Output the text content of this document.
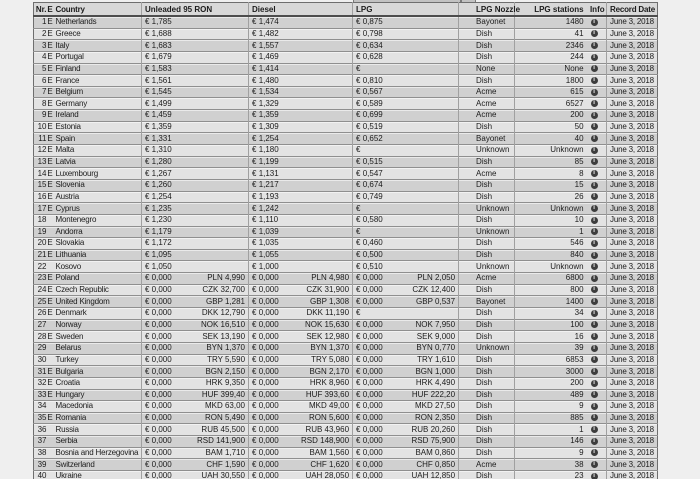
Nr.	E	Country	Unleaded 95 RON		Diesel		LPG		LPG Nozzle	LPG stations	Info	Record Date
1	E	Netherlands	€ 1,785		€ 1,474		€ 0,875		Bayonet	1480	i	June 3, 2018
2	E	Greece	€ 1,688		€ 1,482		€ 0,798		Dish	41	i	June 3, 2018
3	E	Italy	€ 1,683		€ 1,557		€ 0,634		Dish	2346	i	June 3, 2018
4	E	Portugal	€ 1,679		€ 1,469		€ 0,628		Dish	244	i	June 3, 2018
5	E	Finland	€ 1,583		€ 1,414		€		None	None	i	June 3, 2018
6	E	France	€ 1,561		€ 1,480		€ 0,810		Dish	1800	i	June 3, 2018
7	E	Belgium	€ 1,545		€ 1,534		€ 0,567		Acme	615	i	June 3, 2018
8	E	Germany	€ 1,499		€ 1,329		€ 0,589		Acme	6527	i	June 3, 2018
9	E	Ireland	€ 1,459		€ 1,359		€ 0,699		Acme	200	i	June 3, 2018
10	E	Estonia	€ 1,359		€ 1,309		€ 0,519		Dish	50	i	June 3, 2018
11	E	Spain	€ 1,331		€ 1,254		€ 0,652		Bayonet	40	i	June 3, 2018
12	E	Malta	€ 1,310		€ 1,180		€		Unknown	Unknown	i	June 3, 2018
13	E	Latvia	€ 1,280		€ 1,199		€ 0,515		Dish	85	i	June 3, 2018
14	E	Luxembourg	€ 1,267		€ 1,131		€ 0,547		Acme	8	i	June 3, 2018
15	E	Slovenia	€ 1,260		€ 1,217		€ 0,674		Dish	15	i	June 3, 2018
16	E	Austria	€ 1,254		€ 1,193		€ 0,749		Dish	26	i	June 3, 2018
17	E	Cyprus	€ 1,235		€ 1,242		€		Unknown	Unknown	i	June 3, 2018
18		Montenegro	€ 1,230		€ 1,110		€ 0,580		Dish	10	i	June 3, 2018
19		Andorra	€ 1,179		€ 1,039		€		Unknown	1	i	June 3, 2018
20	E	Slovakia	€ 1,172		€ 1,035		€ 0,460		Dish	546	i	June 3, 2018
21	E	Lithuania	€ 1,095		€ 1,055		€ 0,500		Dish	840	i	June 3, 2018
22		Kosovo	€ 1,050		€ 1,000		€ 0,510		Unknown	Unknown	i	June 3, 2018
23	E	Poland	€ 0,000	PLN 4,990	€ 0,000	PLN 4,980	€ 0,000	PLN 2,050	Acme	6800	i	June 3, 2018
24	E	Czech Republic	€ 0,000	CZK 32,700	€ 0,000	CZK 31,900	€ 0,000	CZK 12,400	Dish	800	i	June 3, 2018
25	E	United Kingdom	€ 0,000	GBP 1,281	€ 0,000	GBP 1,308	€ 0,000	GBP 0,537	Bayonet	1400	i	June 3, 2018
26	E	Denmark	€ 0,000	DKK 12,790	€ 0,000	DKK 11,190	€		Dish	34	i	June 3, 2018
27		Norway	€ 0,000	NOK 16,510	€ 0,000	NOK 15,630	€ 0,000	NOK 7,950	Dish	100	i	June 3, 2018
28	E	Sweden	€ 0,000	SEK 13,190	€ 0,000	SEK 12,980	€ 0,000	SEK 9,000	Dish	16	i	June 3, 2018
29		Belarus	€ 0,000	BYN 1,370	€ 0,000	BYN 1,370	€ 0,000	BYN 0,770	Unknown	39	i	June 3, 2018
30		Turkey	€ 0,000	TRY 5,590	€ 0,000	TRY 5,080	€ 0,000	TRY 1,610	Dish	6853	i	June 3, 2018
31	E	Bulgaria	€ 0,000	BGN 2,150	€ 0,000	BGN 2,170	€ 0,000	BGN 1,000	Dish	3000	i	June 3, 2018
32	E	Croatia	€ 0,000	HRK 9,350	€ 0,000	HRK 8,960	€ 0,000	HRK 4,490	Dish	200	i	June 3, 2018
33	E	Hungary	€ 0,000	HUF 399,40	€ 0,000	HUF 393,60	€ 0,000	HUF 222,20	Dish	489	i	June 3, 2018
34		Macedonia	€ 0,000	MKD 63,00	€ 0,000	MKD 49,00	€ 0,000	MKD 27,50	Dish	9	i	June 3, 2018
35	E	Romania	€ 0,000	RON 5,490	€ 0,000	RON 5,600	€ 0,000	RON 2,350	Dish	885	i	June 3, 2018
36		Russia	€ 0,000	RUB 45,500	€ 0,000	RUB 43,960	€ 0,000	RUB 20,260	Dish	1	i	June 3, 2018
37		Serbia	€ 0,000	RSD 141,900	€ 0,000	RSD 148,900	€ 0,000	RSD 75,900	Dish	146	i	June 3, 2018
38		Bosnia and Herzegovina	€ 0,000	BAM 1,710	€ 0,000	BAM 1,560	€ 0,000	BAM 0,860	Dish	9	i	June 3, 2018
39		Switzerland	€ 0,000	CHF 1,590	€ 0,000	CHF 1,620	€ 0,000	CHF 0,850	Acme	38	i	June 3, 2018
40		Ukraine	€ 0,000	UAH 30,550	€ 0,000	UAH 28,050	€ 0,000	UAH 12,850	Dish	23	i	June 3, 2018
